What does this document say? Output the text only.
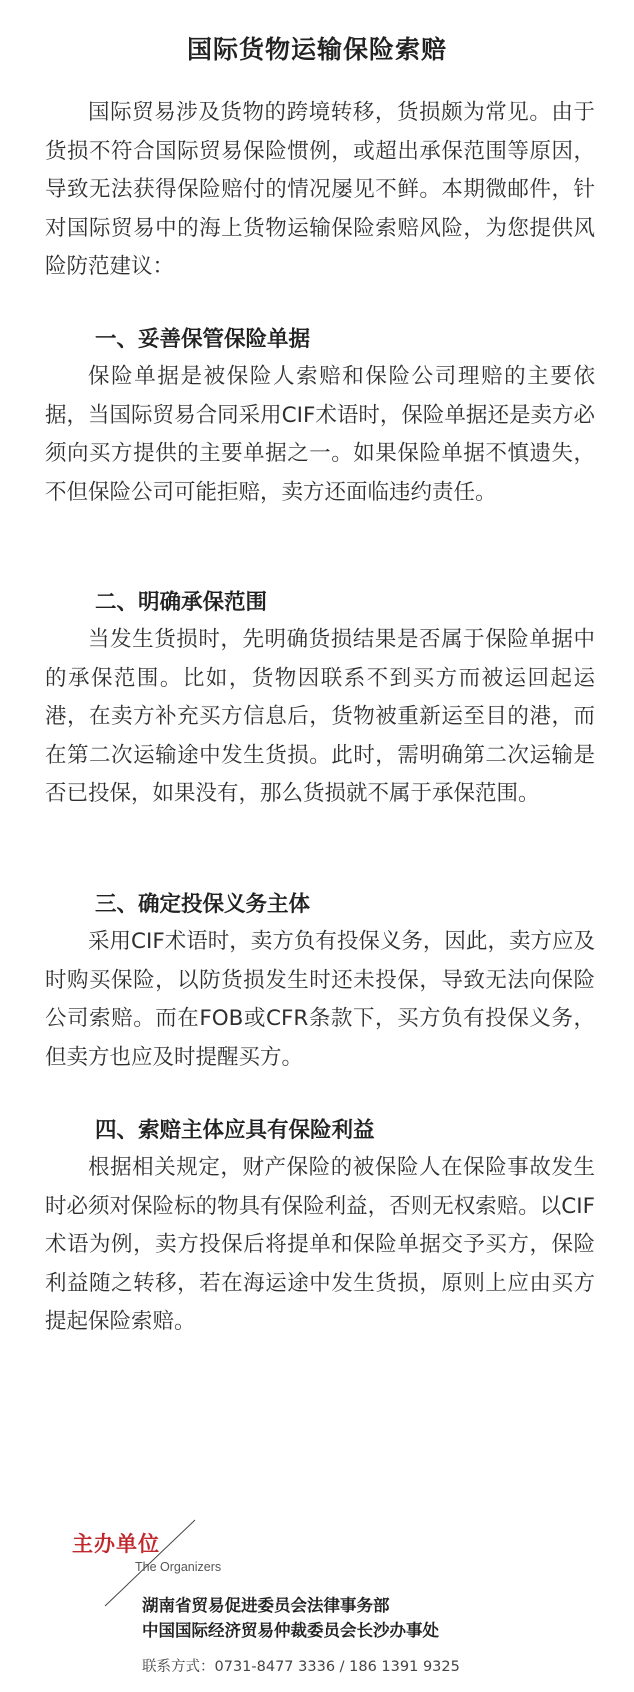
国际货物运输保险索赔

国际贸易涉及货物的跨境转移，货损颇为常见。由于货损不符合国际贸易保险惯例，或超出承保范围等原因，导致无法获得保险赔付的情况屡见不鲜。本期微邮件，针对国际贸易中的海上货物运输保险索赔风险，为您提供风险防范建议：

一、妥善保管保险单据

保险单据是被保险人索赔和保险公司理赔的主要依据，当国际贸易合同采用CIF术语时，保险单据还是卖方必须向买方提供的主要单据之一。如果保险单据不慎遗失，不但保险公司可能拒赔，卖方还面临违约责任。

二、明确承保范围

当发生货损时，先明确货损结果是否属于保险单据中的承保范围。比如，货物因联系不到买方而被运回起运港，在卖方补充买方信息后，货物被重新运至目的港，而在第二次运输途中发生货损。此时，需明确第二次运输是否已投保，如果没有，那么货损就不属于承保范围。

三、确定投保义务主体

采用CIF术语时，卖方负有投保义务，因此，卖方应及时购买保险，以防货损发生时还未投保，导致无法向保险公司索赔。而在FOB或CFR条款下，买方负有投保义务，但卖方也应及时提醒买方。

四、索赔主体应具有保险利益

根据相关规定，财产保险的被保险人在保险事故发生时必须对保险标的物具有保险利益，否则无权索赔。以CIF术语为例，卖方投保后将提单和保险单据交予买方，保险利益随之转移，若在海运途中发生货损，原则上应由买方提起保险索赔。

主办单位
The Organizers
湖南省贸易促进委员会法律事务部
中国国际经济贸易仲裁委员会长沙办事处
联系方式：0731-8477 3336 / 186 1391 9325
